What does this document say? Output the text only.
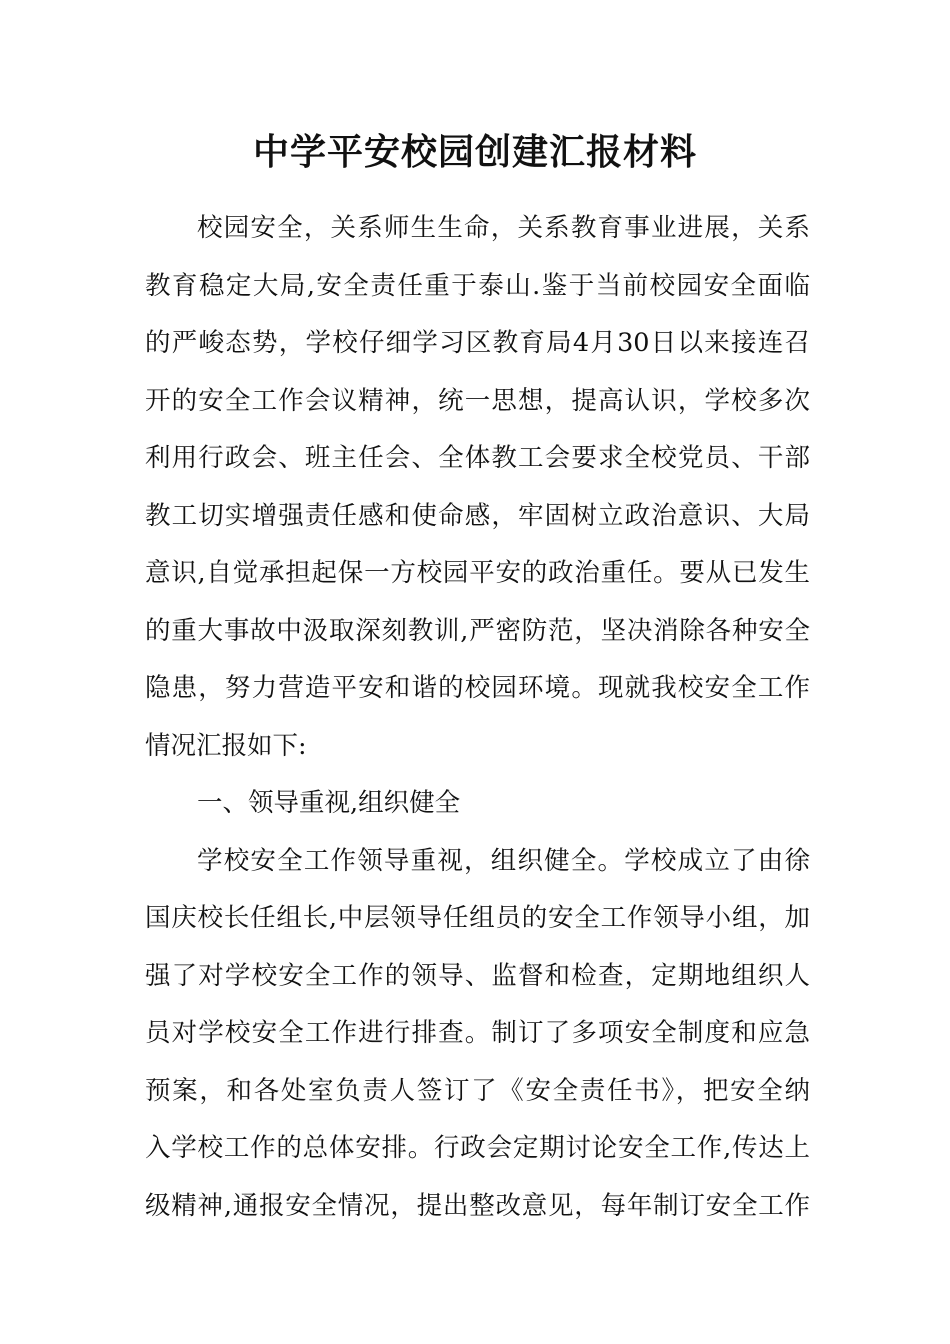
中学平安校园创建汇报材料
校园安全，关系师生生命，关系教育事业进展，关系
教育稳定大局,安全责任重于泰山.鉴于当前校园安全面临
的严峻态势，学校仔细学习区教育局4月30日以来接连召
开的安全工作会议精神，统一思想，提高认识，学校多次
利用行政会、班主任会、全体教工会要求全校党员、干部
教工切实增强责任感和使命感，牢固树立政治意识、大局
意识,自觉承担起保一方校园平安的政治重任。要从已发生
的重大事故中汲取深刻教训,严密防范，坚决消除各种安全
隐患，努力营造平安和谐的校园环境。现就我校安全工作
情况汇报如下:
一、领导重视,组织健全
学校安全工作领导重视，组织健全。学校成立了由徐
国庆校长任组长,中层领导任组员的安全工作领导小组，加
强了对学校安全工作的领导、监督和检查，定期地组织人
员对学校安全工作进行排查。制订了多项安全制度和应急
预案，和各处室负责人签订了《安全责任书》，把安全纳
入学校工作的总体安排。行政会定期讨论安全工作,传达上
级精神,通报安全情况，提出整改意见，每年制订安全工作
